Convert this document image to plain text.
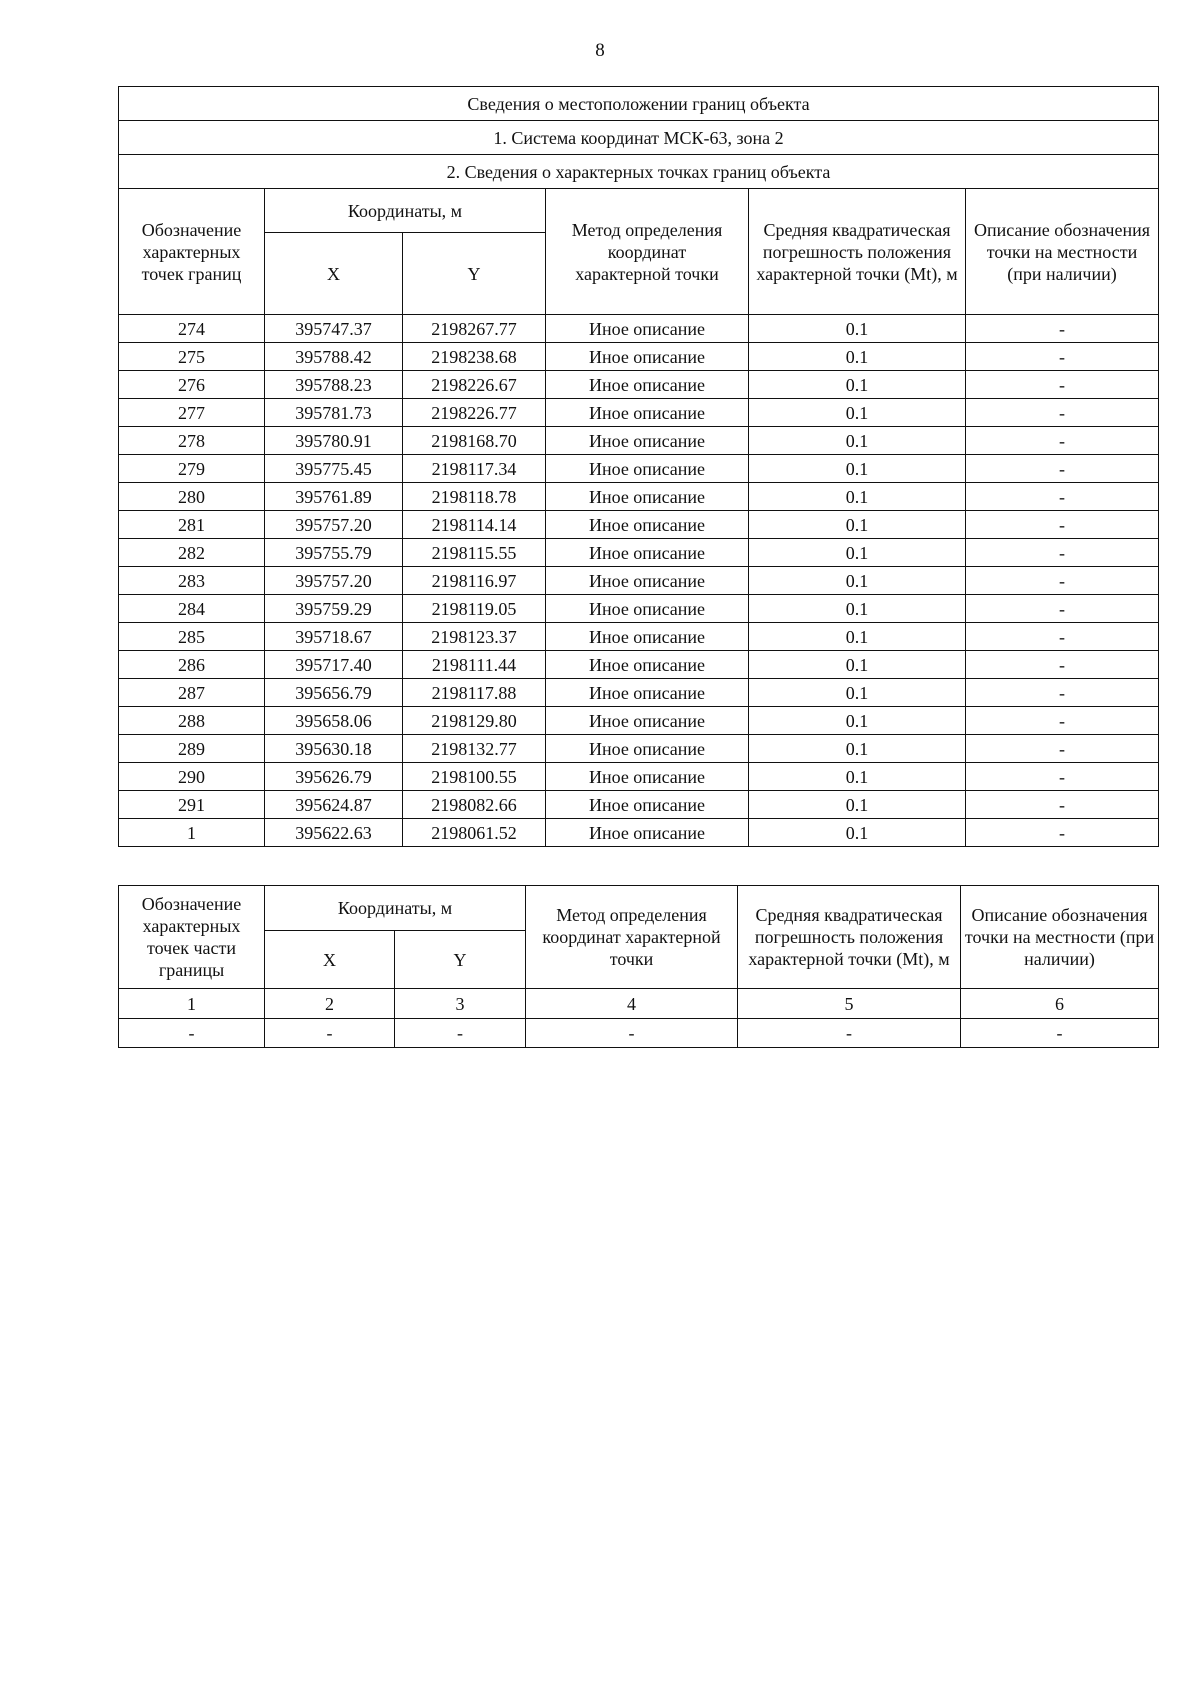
8
Сведения о местоположении границ объекта					
1. Система координат МСК-63, зона 2					
2. Сведения о характерных точках границ объекта					
Обозначение характерных точек границ	Координаты, м		Метод определения координат характерной точки	Средняя квадратическая погрешность положения характерной точки (Mt), м	Описание обозначения точки на местности (при наличии)
	X	Y			
274	395747.37	2198267.77	Иное описание	0.1	-
275	395788.42	2198238.68	Иное описание	0.1	-
276	395788.23	2198226.67	Иное описание	0.1	-
277	395781.73	2198226.77	Иное описание	0.1	-
278	395780.91	2198168.70	Иное описание	0.1	-
279	395775.45	2198117.34	Иное описание	0.1	-
280	395761.89	2198118.78	Иное описание	0.1	-
281	395757.20	2198114.14	Иное описание	0.1	-
282	395755.79	2198115.55	Иное описание	0.1	-
283	395757.20	2198116.97	Иное описание	0.1	-
284	395759.29	2198119.05	Иное описание	0.1	-
285	395718.67	2198123.37	Иное описание	0.1	-
286	395717.40	2198111.44	Иное описание	0.1	-
287	395656.79	2198117.88	Иное описание	0.1	-
288	395658.06	2198129.80	Иное описание	0.1	-
289	395630.18	2198132.77	Иное описание	0.1	-
290	395626.79	2198100.55	Иное описание	0.1	-
291	395624.87	2198082.66	Иное описание	0.1	-
1	395622.63	2198061.52	Иное описание	0.1	-
Обозначение характерных точек части границы	Координаты, м		Метод определения координат характерной точки	Средняя квадратическая погрешность положения характерной точки (Mt), м	Описание обозначения точки на местности (при наличии)
	X	Y			
1	2	3	4	5	6
-	-	-	-	-	-
